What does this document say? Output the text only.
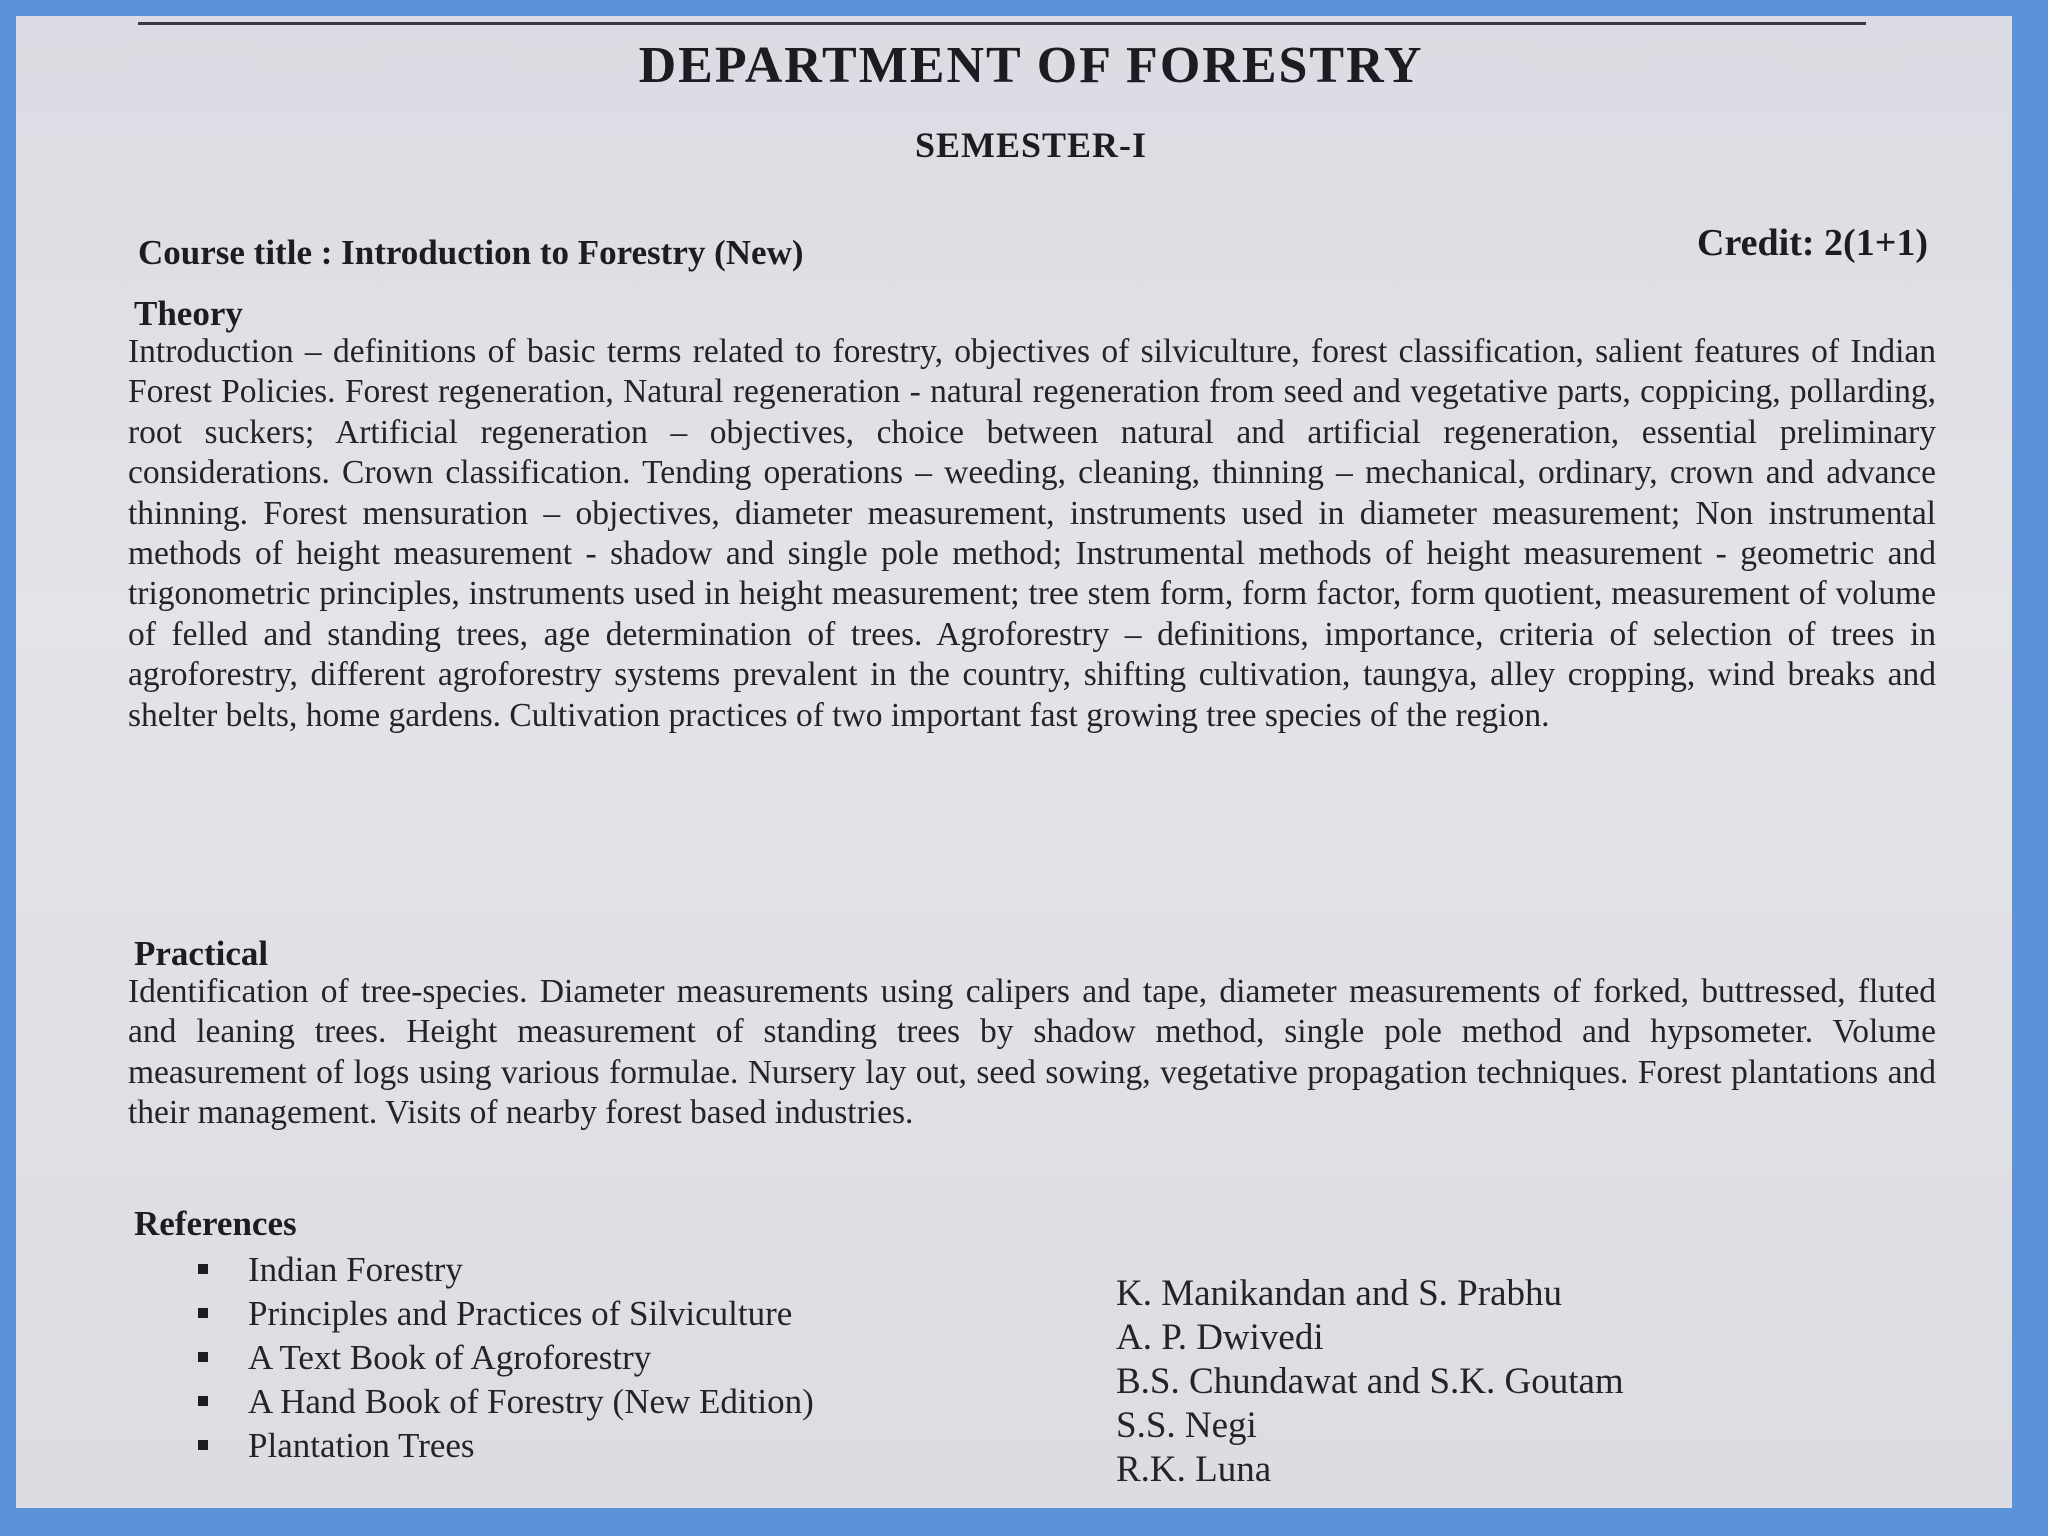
DEPARTMENT OF FORESTRY
SEMESTER-I
Course title : Introduction to Forestry (New)	Credit: 2(1+1)
Theory
Introduction – definitions of basic terms related to forestry, objectives of silviculture, forest classification, salient features of Indian Forest Policies. Forest regeneration, Natural regeneration - natural regeneration from seed and vegetative parts, coppicing, pollarding, root suckers; Artificial regeneration – objectives, choice between natural and artificial regeneration, essential preliminary considerations. Crown classification. Tending operations – weeding, cleaning, thinning – mechanical, ordinary, crown and advance thinning. Forest mensuration – objectives, diameter measurement, instruments used in diameter measurement; Non instrumental methods of height measurement - shadow and single pole method; Instrumental methods of height measurement - geometric and trigonometric principles, instruments used in height measurement; tree stem form, form factor, form quotient, measurement of volume of felled and standing trees, age determination of trees. Agroforestry – definitions, importance, criteria of selection of trees in agroforestry, different agroforestry systems prevalent in the country, shifting cultivation, taungya, alley cropping, wind breaks and shelter belts, home gardens. Cultivation practices of two important fast growing tree species of the region.
Practical
Identification of tree-species. Diameter measurements using calipers and tape, diameter measurements of forked, buttressed, fluted and leaning trees. Height measurement of standing trees by shadow method, single pole method and hypsometer. Volume measurement of logs using various formulae. Nursery lay out, seed sowing, vegetative propagation techniques. Forest plantations and their management. Visits of nearby forest based industries.
References
Indian Forestry
Principles and Practices of Silviculture
A Text Book of Agroforestry
A Hand Book of Forestry (New Edition)
Plantation Trees
K. Manikandan and S. Prabhu
A. P. Dwivedi
B.S. Chundawat and S.K. Goutam
S.S. Negi
R.K. Luna
